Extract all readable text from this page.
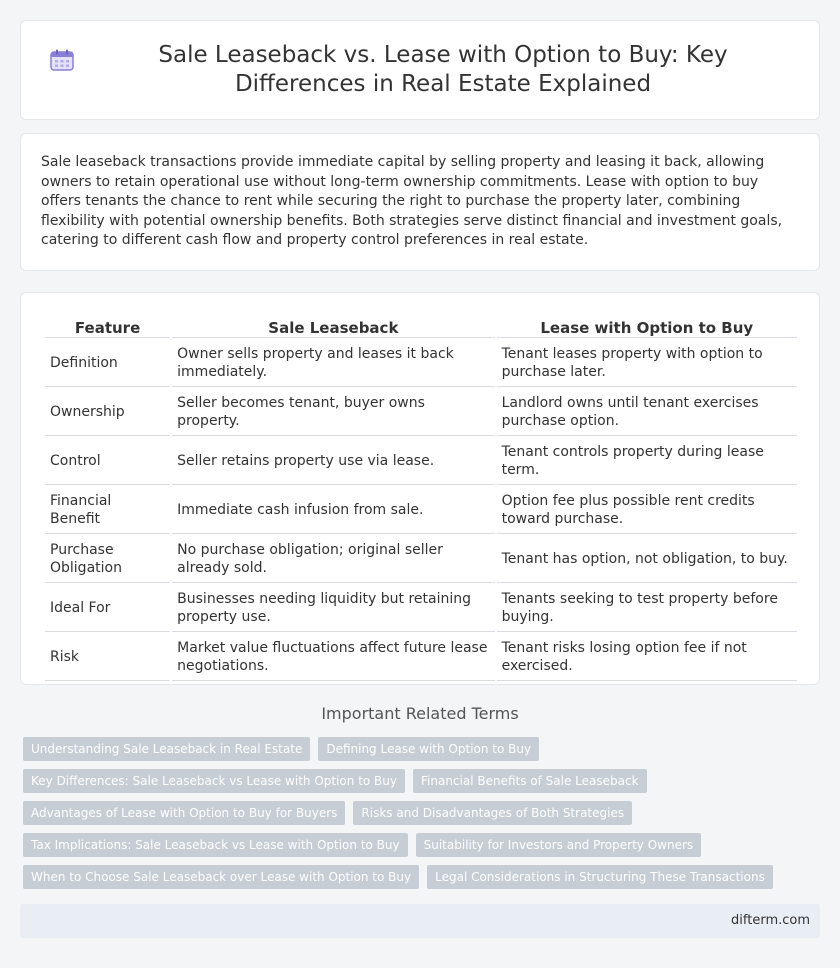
Sale Leaseback vs. Lease with Option to Buy: Key Differences in Real Estate Explained

Sale leaseback transactions provide immediate capital by selling property and leasing it back, allowing owners to retain operational use without long-term ownership commitments. Lease with option to buy offers tenants the chance to rent while securing the right to purchase the property later, combining flexibility with potential ownership benefits. Both strategies serve distinct financial and investment goals, catering to different cash flow and property control preferences in real estate.

Feature	Sale Leaseback	Lease with Option to Buy
Definition	Owner sells property and leases it back immediately.	Tenant leases property with option to purchase later.
Ownership	Seller becomes tenant, buyer owns property.	Landlord owns until tenant exercises purchase option.
Control	Seller retains property use via lease.	Tenant controls property during lease term.
Financial Benefit	Immediate cash infusion from sale.	Option fee plus possible rent credits toward purchase.
Purchase Obligation	No purchase obligation; original seller already sold.	Tenant has option, not obligation, to buy.
Ideal For	Businesses needing liquidity but retaining property use.	Tenants seeking to test property before buying.
Risk	Market value fluctuations affect future lease negotiations.	Tenant risks losing option fee if not exercised.
Important Related Terms
Understanding Sale Leaseback in Real Estate	Defining Lease with Option to Buy
Key Differences: Sale Leaseback vs Lease with Option to Buy	Financial Benefits of Sale Leaseback
Advantages of Lease with Option to Buy for Buyers	Risks and Disadvantages of Both Strategies
Tax Implications: Sale Leaseback vs Lease with Option to Buy	Suitability for Investors and Property Owners
When to Choose Sale Leaseback over Lease with Option to Buy	Legal Considerations in Structuring These Transactions
difterm.com
